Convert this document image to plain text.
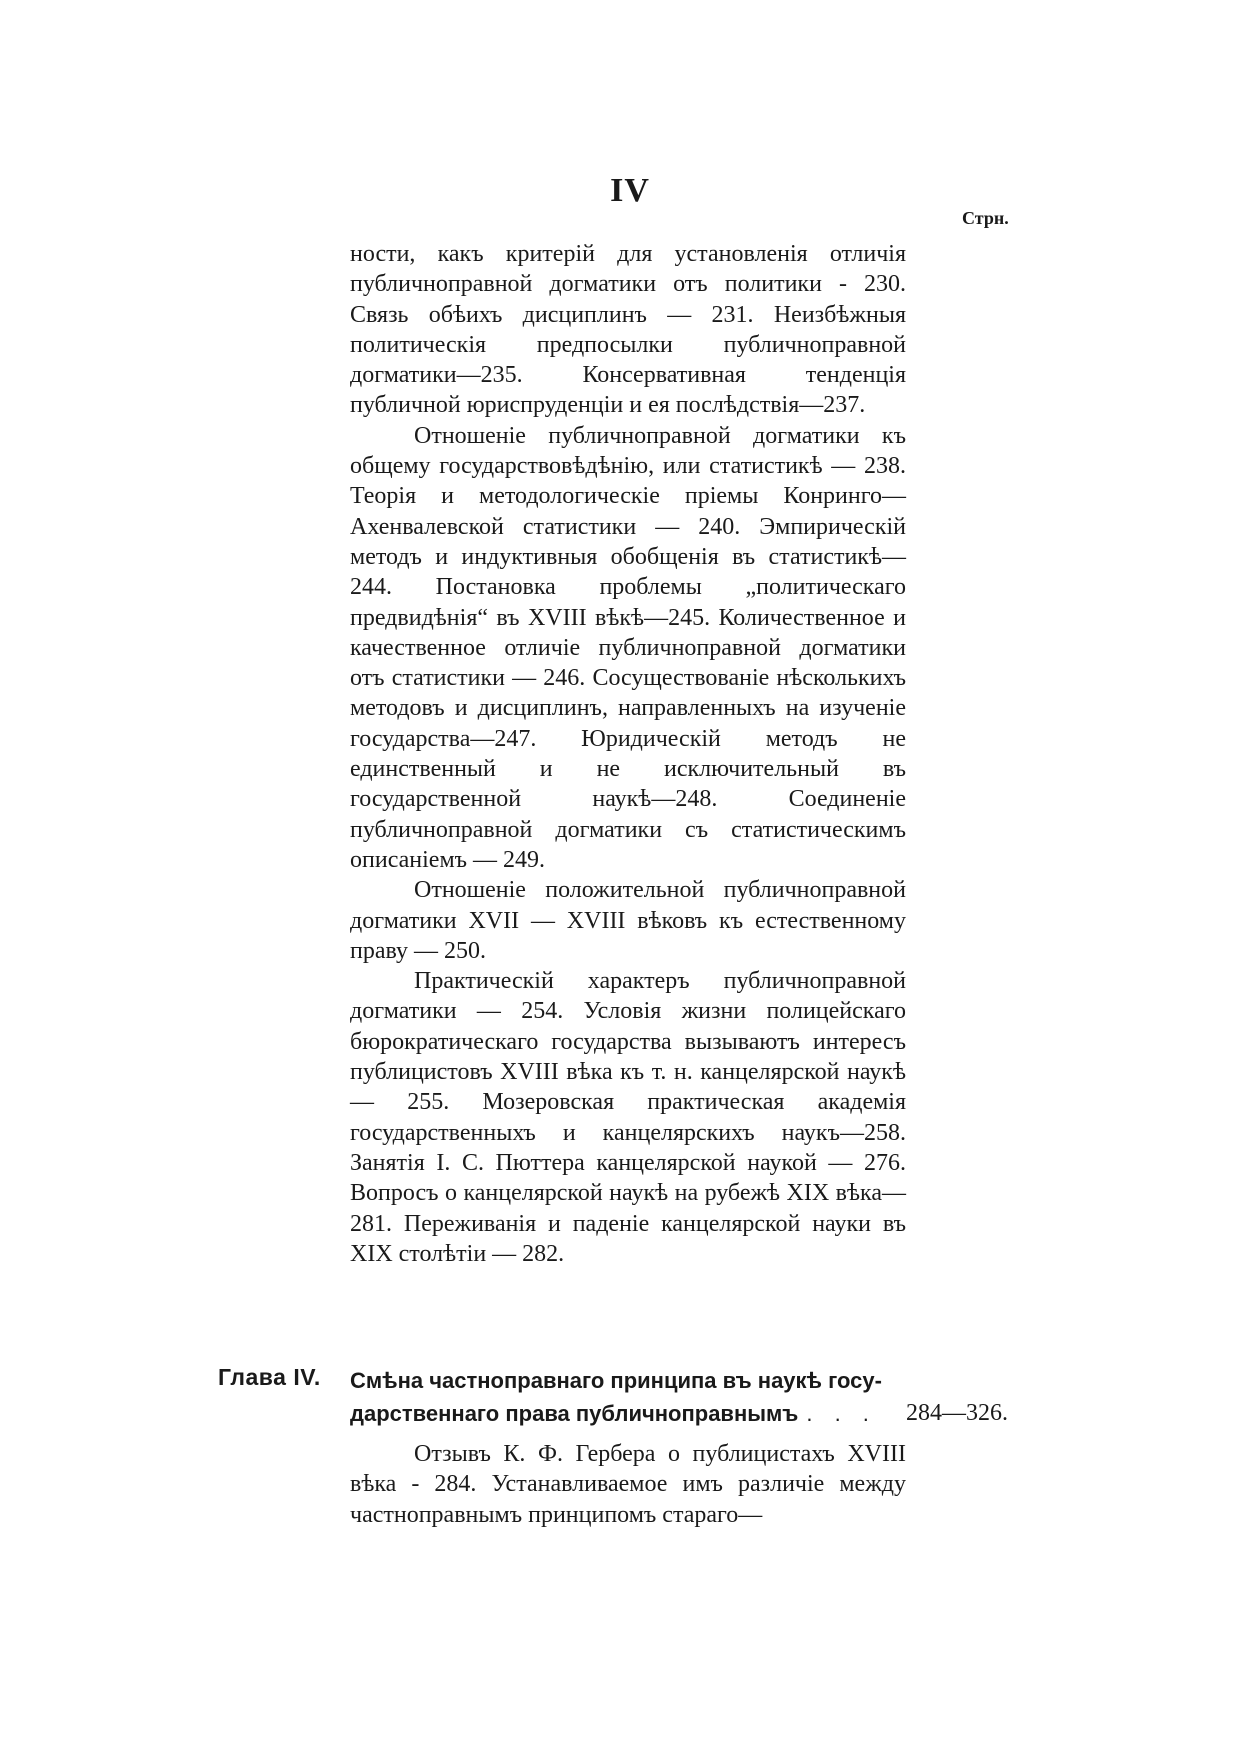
IV
Стрн.

ности, какъ критерій для установленія отличія публичноправной догматики отъ политики - 230. Связь обѣихъ дисциплинъ — 231. Неизбѣжныя политическія предпосылки публичноправной догматики—235. Консервативная тенденція публичной юриспруденціи и ея послѣдствія—237.

Отношеніе публичноправной догматики къ общему государствовѣдѣнію, или статистикѣ — 238. Теорія и методологическіе пріемы Конринго—Ахенвалевской статистики — 240. Эмпирическій методъ и индуктивныя обобщенія въ статистикѣ—244. Постановка проблемы „политическаго предвидѣнія“ въ XVIII вѣкѣ—245. Количественное и качественное отличіе публичноправной догматики отъ статистики — 246. Сосуществованіе нѣсколькихъ методовъ и дисциплинъ, направленныхъ на изученіе государства—247. Юридическій методъ не единственный и не исключительный въ государственной наукѣ—248. Соединеніе публичноправной догматики съ статистическимъ описаніемъ — 249.

Отношеніе положительной публичноправной догматики XVII — XVIII вѣковъ къ естественному праву — 250.

Практическій характеръ публичноправной догматики — 254. Условія жизни полицейскаго бюрократическаго государства вызываютъ интересъ публицистовъ XVIII вѣка къ т. н. канцелярской наукѣ — 255. Мозеровская практическая академія государственныхъ и канцелярскихъ наукъ—258. Занятія І. С. Пюттера канцелярской наукой — 276. Вопросъ о канцелярской наукѣ на рубежѣ XIX вѣка—281. Переживанія и паденіе канцелярской науки въ XIX столѣтіи — 282.

Глава IV. Смѣна частноправнаго принципа въ наукѣ госу-
дарственнаго права публичноправнымъ . . .	284—326.

Отзывъ К. Ф. Гербера о публицистахъ XVIII вѣка - 284. Устанавливаемое имъ различіе между частноправнымъ принципомъ стараго—
